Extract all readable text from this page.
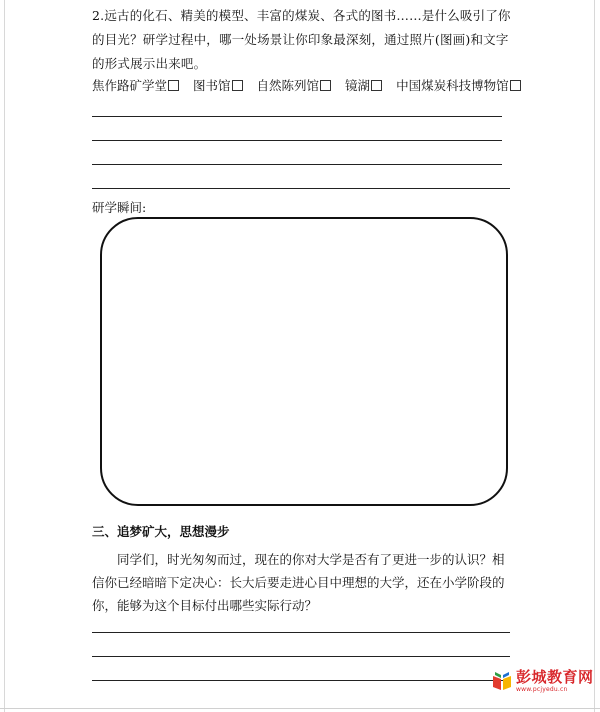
2.远古的化石、精美的模型、丰富的煤炭、各式的图书……是什么吸引了你的目光？研学过程中，哪一处场景让你印象最深刻，通过照片(图画)和文字的形式展示出来吧。
焦作路矿学堂 图书馆 自然陈列馆 镜湖 中国煤炭科技博物馆
研学瞬间:
三、追梦矿大，思想漫步
同学们，时光匆匆而过，现在的你对大学是否有了更进一步的认识？相信你已经暗暗下定决心：长大后要走进心目中理想的大学，还在小学阶段的你，能够为这个目标付出哪些实际行动？
彭城教育网
www.pcjyedu.cn
